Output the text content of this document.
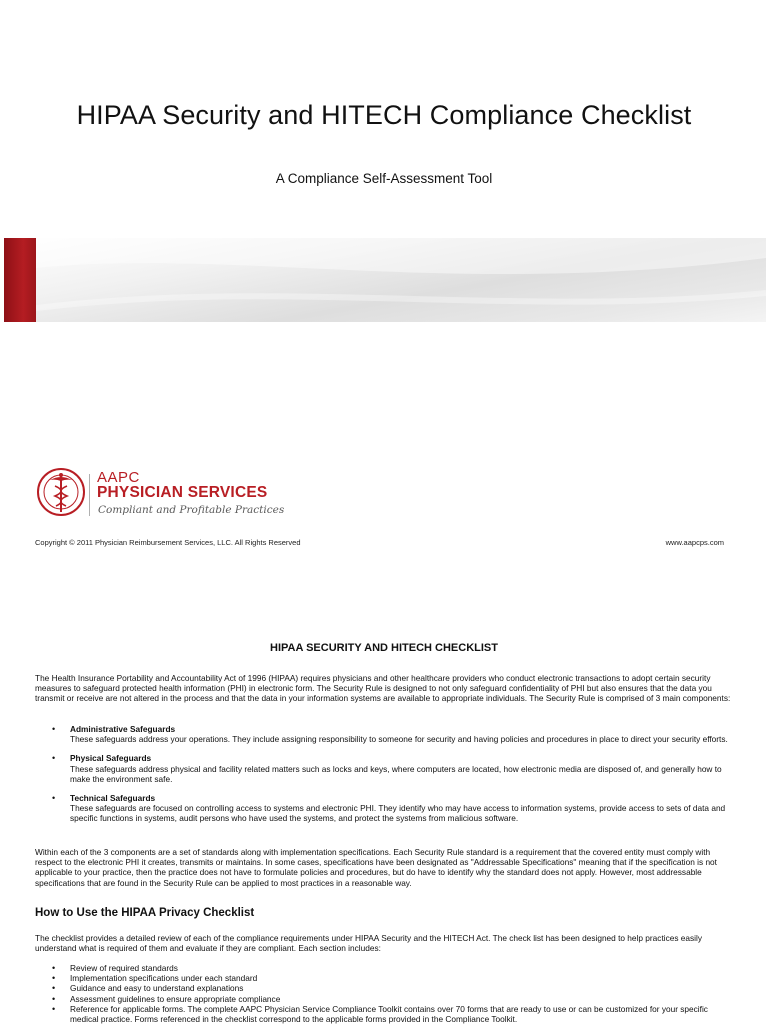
HIPAA Security and HITECH Compliance Checklist
A Compliance Self-Assessment Tool
AAPC
PHYSICIAN SERVICES
Compliant and Profitable Practices
Copyright © 2011 Physician Reimbursement Services, LLC. All Rights Reserved	www.aapcps.com
HIPAA SECURITY AND HITECH CHECKLIST
The Health Insurance Portability and Accountability Act of 1996 (HIPAA) requires physicians and other healthcare providers who conduct electronic transactions to adopt certain security measures to safeguard protected health information (PHI) in electronic form. The Security Rule is designed to not only safeguard confidentiality of PHI but also ensures that the data you transmit or receive are not altered in the process and that the data in your information systems are available to appropriate individuals. The Security Rule is comprised of 3 main components:
• Administrative Safeguards
These safeguards address your operations. They include assigning responsibility to someone for security and having policies and procedures in place to direct your security efforts.
• Physical Safeguards
These safeguards address physical and facility related matters such as locks and keys, where computers are located, how electronic media are disposed of, and generally how to make the environment safe.
• Technical Safeguards
These safeguards are focused on controlling access to systems and electronic PHI. They identify who may have access to information systems, provide access to sets of data and specific functions in systems, audit persons who have used the systems, and protect the systems from malicious software.
Within each of the 3 components are a set of standards along with implementation specifications. Each Security Rule standard is a requirement that the covered entity must comply with respect to the electronic PHI it creates, transmits or maintains. In some cases, specifications have been designated as "Addressable Specifications" meaning that if the specification is not applicable to your practice, then the practice does not have to formulate policies and procedures, but do have to identify why the standard does not apply. However, most addressable specifications that are found in the Security Rule can be applied to most practices in a reasonable way.
How to Use the HIPAA Privacy Checklist
The checklist provides a detailed review of each of the compliance requirements under HIPAA Security and the HITECH Act. The check list has been designed to help practices easily understand what is required of them and evaluate if they are compliant. Each section includes:
• Review of required standards
• Implementation specifications under each standard
• Guidance and easy to understand explanations
• Assessment guidelines to ensure appropriate compliance
• Reference for applicable forms. The complete AAPC Physician Service Compliance Toolkit contains over 70 forms that are ready to use or can be customized for your specific medical practice. Forms referenced in the checklist correspond to the applicable forms provided in the Compliance Toolkit.
